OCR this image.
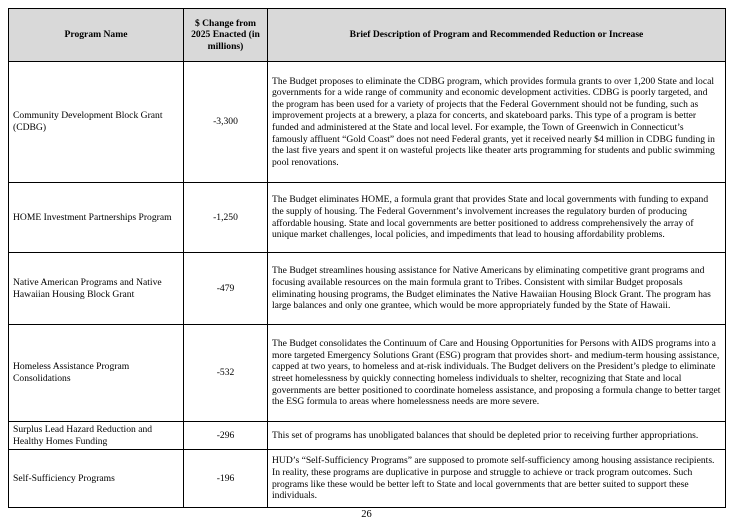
Program Name	$ Change from 2025 Enacted (in millions)	Brief Description of Program and Recommended Reduction or Increase
Community Development Block Grant (CDBG)	-3,300	The Budget proposes to eliminate the CDBG program, which provides formula grants to over 1,200 State and local governments for a wide range of community and economic development activities. CDBG is poorly targeted, and the program has been used for a variety of projects that the Federal Government should not be funding, such as improvement projects at a brewery, a plaza for concerts, and skateboard parks. This type of a program is better funded and administered at the State and local level. For example, the Town of Greenwich in Connecticut’s famously affluent “Gold Coast” does not need Federal grants, yet it received nearly $4 million in CDBG funding in the last five years and spent it on wasteful projects like theater arts programming for students and public swimming pool renovations.
HOME Investment Partnerships Program	-1,250	The Budget eliminates HOME, a formula grant that provides State and local governments with funding to expand the supply of housing. The Federal Government’s involvement increases the regulatory burden of producing affordable housing. State and local governments are better positioned to address comprehensively the array of unique market challenges, local policies, and impediments that lead to housing affordability problems.
Native American Programs and Native Hawaiian Housing Block Grant	-479	The Budget streamlines housing assistance for Native Americans by eliminating competitive grant programs and focusing available resources on the main formula grant to Tribes. Consistent with similar Budget proposals eliminating housing programs, the Budget eliminates the Native Hawaiian Housing Block Grant. The program has large balances and only one grantee, which would be more appropriately funded by the State of Hawaii.
Homeless Assistance Program Consolidations	-532	The Budget consolidates the Continuum of Care and Housing Opportunities for Persons with AIDS programs into a more targeted Emergency Solutions Grant (ESG) program that provides short- and medium-term housing assistance, capped at two years, to homeless and at-risk individuals. The Budget delivers on the President’s pledge to eliminate street homelessness by quickly connecting homeless individuals to shelter, recognizing that State and local governments are better positioned to coordinate homeless assistance, and proposing a formula change to better target the ESG formula to areas where homelessness needs are more severe.
Surplus Lead Hazard Reduction and Healthy Homes Funding	-296	This set of programs has unobligated balances that should be depleted prior to receiving further appropriations.
Self-Sufficiency Programs	-196	HUD’s “Self-Sufficiency Programs” are supposed to promote self-sufficiency among housing assistance recipients. In reality, these programs are duplicative in purpose and struggle to achieve or track program outcomes. Such programs like these would be better left to State and local governments that are better suited to support these individuals.
26
